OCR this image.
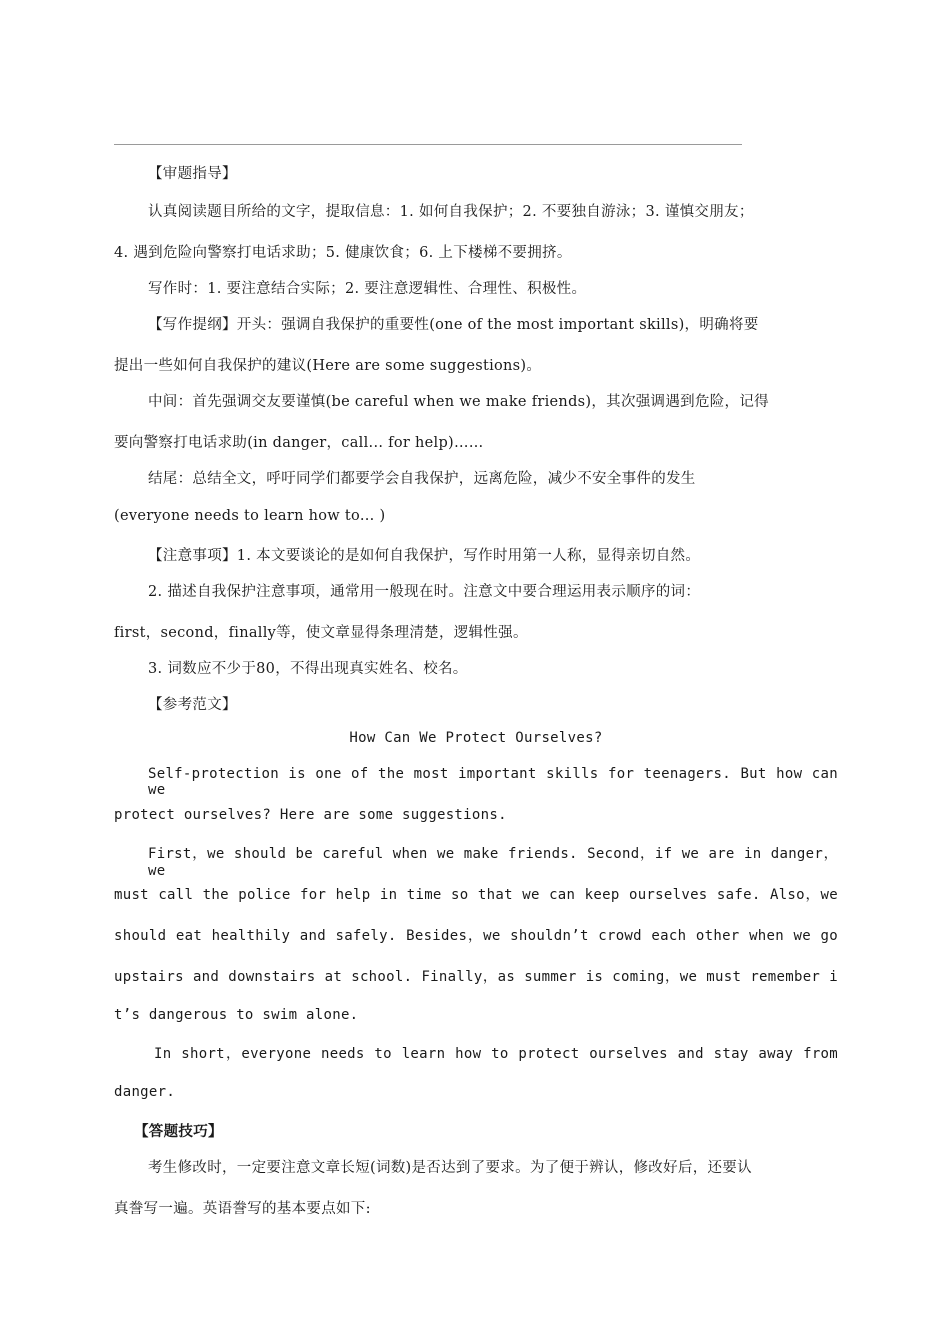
【审题指导】
认真阅读题目所给的文字，提取信息：1. 如何自我保护；2. 不要独自游泳；3. 谨慎交朋友；
4. 遇到危险向警察打电话求助；5. 健康饮食；6. 上下楼梯不要拥挤。
写作时：1. 要注意结合实际；2. 要注意逻辑性、合理性、积极性。
【写作提纲】开头：强调自我保护的重要性(one of the most important skills)，明确将要
提出一些如何自我保护的建议(Here are some suggestions)。
中间：首先强调交友要谨慎(be careful when we make friends)，其次强调遇到危险，记得
要向警察打电话求助(in danger，call... for help)……
结尾：总结全文，呼吁同学们都要学会自我保护，远离危险，减少不安全事件的发生
(everyone needs to learn how to... )
【注意事项】1. 本文要谈论的是如何自我保护，写作时用第一人称，显得亲切自然。
2. 描述自我保护注意事项，通常用一般现在时。注意文中要合理运用表示顺序的词：
first，second，finally等，使文章显得条理清楚，逻辑性强。
3. 词数应不少于80，不得出现真实姓名、校名。
【参考范文】
How Can We Protect Ourselves?
Self-protection is one of the most important skills for teenagers. But how can we
protect ourselves? Here are some suggestions.
First，we should be careful when we make friends. Second，if we are in danger，we
must call the police for help in time so that we can keep ourselves safe. Also，we
should eat healthily and safely. Besides，we shouldn’t crowd each other when we go
upstairs and downstairs at school. Finally，as summer is coming，we must remember i
t’s dangerous to swim alone.
In short，everyone needs to learn how to protect ourselves and stay away from
danger.
【答题技巧】
考生修改时，一定要注意文章长短(词数)是否达到了要求。为了便于辨认，修改好后，还要认
真誊写一遍。英语誊写的基本要点如下:
